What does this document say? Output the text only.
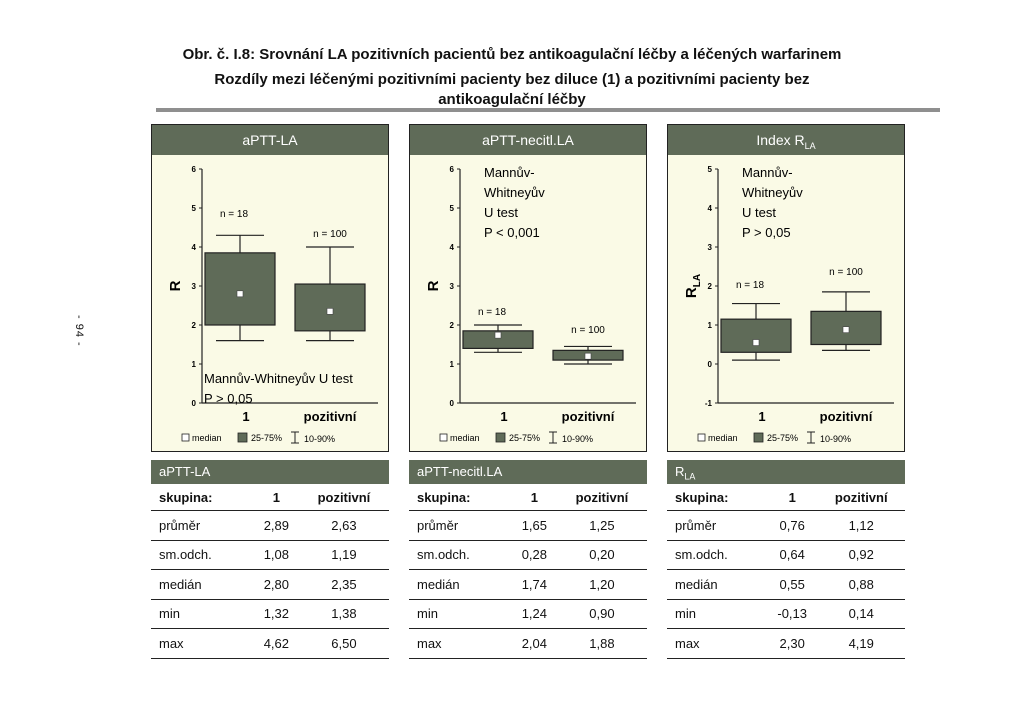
Obr. č. I.8: Srovnání LA pozitivních pacientů bez antikoagulační léčby a léčených warfarinem
Rozdíly mezi léčenými pozitivními pacienty bez diluce (1) a pozitivními pacienty bez
antikoagulační léčby
- 94 -
aPTT-LA
0
1
2
3
4
5
6
R
n = 18
n = 100
Mannův-Whitneyův U test
P > 0,05
1	pozitivní
median	25-75% 10-90%
aPTT-necitl.LA
0
1
2
3
4
5
6
R
n = 18
n = 100
Mannův-
Whitneyův
U test
P < 0,001
1	pozitivní
median	25-75% 10-90%
Index $R_{LA}$
-1
0
1
2
3
4
5
$R_{LA}$	n = 18
n = 100
Mannův-
Whitneyův
U test
P > 0,05
1	pozitivní
median	25-75% 10-90%
aPTT-LA
skupina:	1	pozitivní
průměr	2,89	2,63
sm.odch.	1,08	1,19
medián	2,80	2,35
min	1,32	1,38
max	4,62	6,50
aPTT-necitl.LA
skupina:	1	pozitivní
průměr	1,65	1,25
sm.odch.	0,28	0,20
medián	1,74	1,20
min	1,24	0,90
max	2,04	1,88
$R_{LA}$
skupina:	1	pozitivní
průměr	0,76	1,12
sm.odch.	0,64	0,92
medián	0,55	0,88
min	-0,13	0,14
max	2,30	4,19
